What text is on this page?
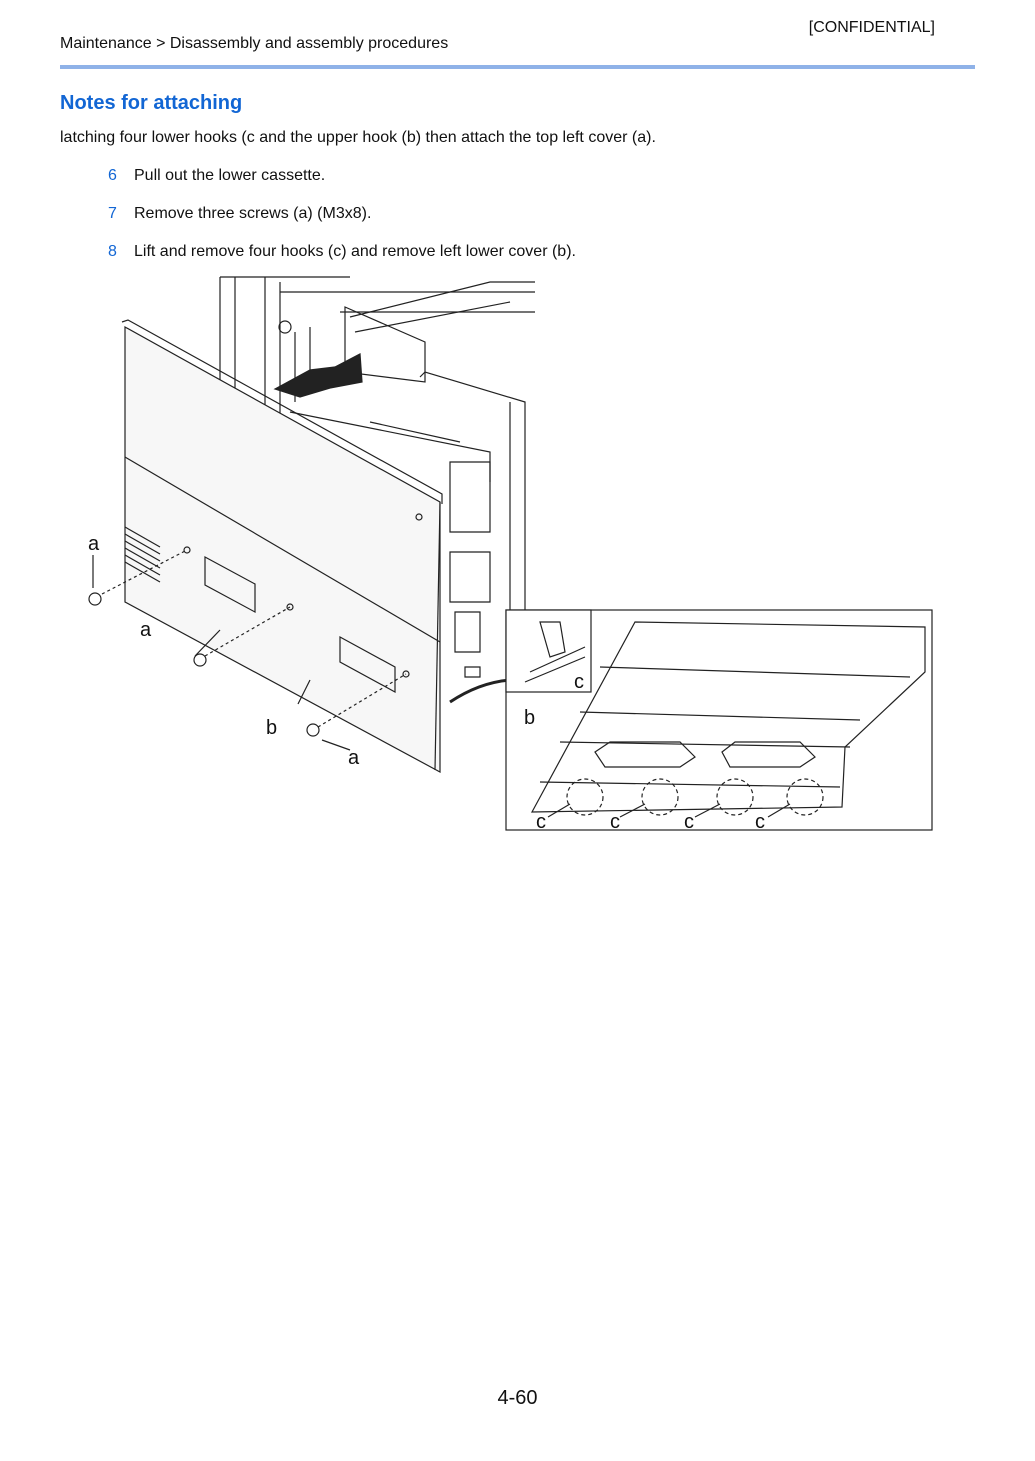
[CONFIDENTIAL]
Maintenance > Disassembly and assembly procedures
Notes for attaching
latching four lower hooks (c and the upper hook (b) then attach the top left cover (a).
6 Pull out the lower cassette.
7 Remove three screws (a) (M3x8).
8 Lift and remove four hooks (c) and remove left lower cover (b).
a
a
a
b	b
c
c	c	c	c
4-60
